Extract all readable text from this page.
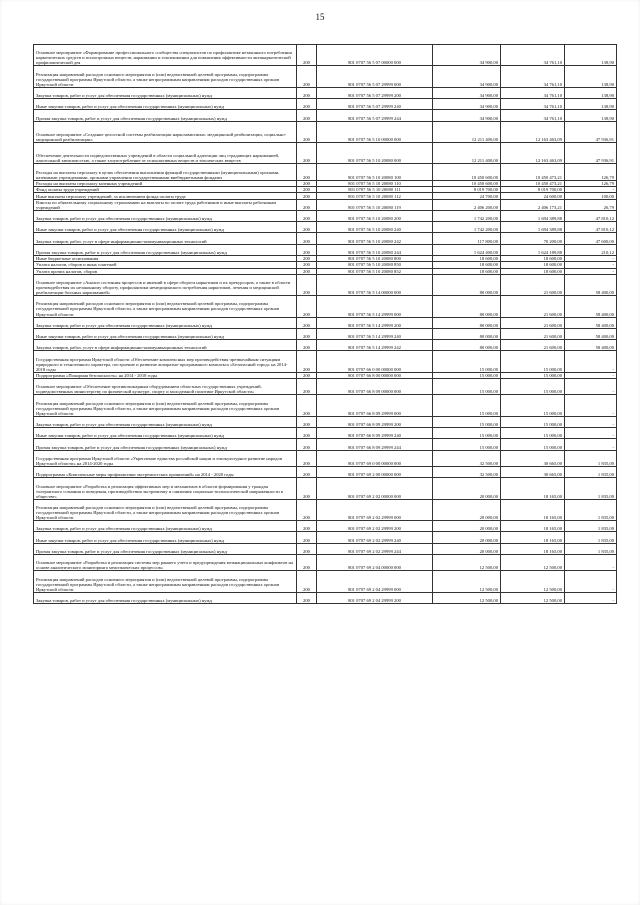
15
Основное мероприятие «Формирование профессионального сообщества специалистов по профилактике незаконного потребления наркотических средств и психотропных веществ, наркомании и токсикомании для повышения эффективности антинаркотической профилактической дея	200	801 0707 56 5 07 00000 000	34 900,00	34 761,10	138,90
Реализация направлений расходов основного мероприятия и (или) ведомственной целевой программы, подпрограммы государственной программы Иркутской области, а также непрограммным направлениям расходов государственных органов Иркутской области	200	801 0707 56 5 07 29999 000	34 900,00	34 761,10	138,90
Закупка товаров, работ и услуг для обеспечения государственных (муниципальных) нужд	200	801 0707 56 5 07 29999 200	34 900,00	34 761,10	138,90
Иные закупки товаров, работ и услуг для обеспечения государственных (муниципальных) нужд	200	801 0707 56 5 07 29999 240	34 900,00	34 761,10	138,90
Прочая закупка товаров, работ и услуг для обеспечения государственных (муниципальных) нужд	200	801 0707 56 5 07 29999 244	34 900,00	34 761,10	138,90
Основное мероприятие «Создание целостной системы реабилитации наркозависимых: медицинской реабилитации, социально-медицинской реабилитации»	200	801 0707 56 5 10 00000 000	12 211 400,00	12 163 463,09	47 936,91
Обеспечение деятельности подведомственных учреждений в области социальной адаптации лиц страдающих наркоманией, алкогольной зависимостью, а также злоупотребление от психоактивных веществ и токсических веществ	200	801 0707 56 5 10 20080 000	12 211 400,00	12 163 463,09	47 936,91
Расходы на выплаты персоналу в целях обеспечения выполнения функций государственными (муниципальными) органами, казенными учреждениями, органами управления государственными внебюджетными фондами	200	801 0707 56 5 10 20080 100	10 450 600,00	10 450 473,21	126,79
Расходы на выплаты персоналу казенных учреждений	200	801 0707 56 5 10 20080 110	10 450 600,00	10 450 473,21	126,79
Фонд оплаты труда учреждений	200	801 0707 56 5 10 20080 111	8 019 700,00	8 019 700,00	-
Иные выплаты персоналу учреждений, за исключением фонда оплаты труда	200	801 0707 56 5 10 20080 112	24 700,00	24 600,00	100,00
Взносы по обязательному социальному страхованию на выплаты по оплате труда работников и иные выплаты работникам учреждений	200	801 0707 56 5 10 20080 119	2 406 200,00	2 406 173,21	26,79
Закупка товаров, работ и услуг для обеспечения государственных (муниципальных) нужд	200	801 0707 56 5 10 20080 200	1 742 200,00	1 694 389,88	47 810,12
Иные закупки товаров, работ и услуг для обеспечения государственных (муниципальных) нужд	200	801 0707 56 5 10 20080 240	1 742 200,00	1 694 389,88	47 810,12
Закупка товаров, работ, услуг в сфере информационно-коммуникационных технологий	200	801 0707 56 5 10 20080 242	117 800,00	70 200,00	47 600,00
Прочая закупка товаров, работ и услуг для обеспечения государственных (муниципальных) нужд	200	801 0707 56 5 10 20080 244	1 624 400,00	1 624 189,88	210,12
Иные бюджетные ассигнования	200	801 0707 56 5 10 20080 800	18 600,00	18 600,00	-
Уплата налогов, сборов и иных платежей	200	801 0707 56 5 10 20080 850	18 600,00	18 600,00	-
Уплата прочих налогов, сборов	200	801 0707 56 5 10 20080 852	18 600,00	18 600,00	-
Основное мероприятие «Анализ состояния процессов и явлений в сфере оборота наркотиков и их прекурсоров, а также в области противодействия их незаконному обороту, профилактики немедицинского потребления наркотиков, лечения и медицинской реабилитации больных наркоманией»	200	801 0707 56 5 14 00000 000	80 000,00	21 600,00	58 400,00
Реализация направлений расходов основного мероприятия и (или) ведомственной целевой программы, подпрограммы государственной программы Иркутской области, а также непрограммным направлениям расходов государственных органов Иркутской области	200	801 0707 56 5 14 29999 000	80 000,00	21 600,00	58 400,00
Закупка товаров, работ и услуг для обеспечения государственных (муниципальных) нужд	200	801 0707 56 5 14 29999 200	80 000,00	21 600,00	58 400,00
Иные закупки товаров, работ и услуг для обеспечения государственных (муниципальных) нужд	200	801 0707 56 5 14 29999 240	80 000,00	21 600,00	58 400,00
Закупка товаров, работ, услуг в сфере информационно-коммуникационных технологий	200	801 0707 56 5 14 29999 242	80 000,00	21 600,00	58 400,00
Государственная программа Иркутской области «Обеспечение комплексных мер противодействия чрезвычайным ситуациям природного и техногенного характера, построение и развитие аппаратно-программного комплекса «Безопасный город» на 2014-2018 годы	200	801 0707 66 0 00 00000 000	15 000,00	15 000,00	-
Подпрограмма «Пожарная безопасность» на 2014 - 2018 годы	200	801 0707 66 8 00 00000 000	15 000,00	15 000,00	-
Основное мероприятие «Обеспечение противопожарным оборудованием областных государственных учреждений, подведомственных министерству по физической культуре, спорту и молодежной политике Иркутской области»	200	801 0707 66 8 09 00000 000	15 000,00	15 000,00	-
Реализация направлений расходов основного мероприятия и (или) ведомственной целевой программы, подпрограммы государственной программы Иркутской области, а также непрограммным направлениям расходов государственных органов Иркутской области	200	801 0707 66 8 09 29999 000	15 000,00	15 000,00	-
Закупка товаров, работ и услуг для обеспечения государственных (муниципальных) нужд	200	801 0707 66 8 09 29999 200	15 000,00	15 000,00	-
Иные закупки товаров, работ и услуг для обеспечения государственных (муниципальных) нужд	200	801 0707 66 8 09 29999 240	15 000,00	15 000,00	-
Прочая закупка товаров, работ и услуг для обеспечения государственных (муниципальных) нужд	200	801 0707 66 8 09 29999 244	15 000,00	15 000,00	-
Государственная программа Иркутской области «Укрепление единства российской нации и этнокультурное развитие народов Иркутской области» на 2014-2020 годы	200	801 0707 69 0 00 00000 000	32 500,00	30 665,00	1 835,00
Подпрограмма «Комплексные меры профилактики экстремистских проявлений» на 2014 - 2020 годы	200	801 0707 69 2 00 00000 000	32 500,00	30 665,00	1 835,00
Основное мероприятие «Разработка и реализация эффективных мер и механизмов в области формирования у граждан толерантного сознания и поведения, противодействия экстремизму и снижения социально-психологической напряженности в обществе»	200	801 0707 69 2 02 00000 000	20 000,00	18 165,00	1 835,00
Реализация направлений расходов основного мероприятия и (или) ведомственной целевой программы, подпрограммы государственной программы Иркутской области, а также непрограммным направлениям расходов государственных органов Иркутской области	200	801 0707 69 2 02 29999 000	20 000,00	18 165,00	1 835,00
Закупка товаров, работ и услуг для обеспечения государственных (муниципальных) нужд	200	801 0707 69 2 02 29999 200	20 000,00	18 165,00	1 835,00
Иные закупки товаров, работ и услуг для обеспечения государственных (муниципальных) нужд	200	801 0707 69 2 02 29999 240	20 000,00	18 165,00	1 835,00
Прочая закупка товаров, работ и услуг для обеспечения государственных (муниципальных) нужд	200	801 0707 69 2 02 29999 244	20 000,00	18 165,00	1 835,00
Основное мероприятие «Разработка и реализация системы мер раннего учета и предупреждения межнациональных конфликтов на основе аналитического мониторинга межэтнических процессов»	200	801 0707 69 2 04 00000 000	12 500,00	12 500,00	-
Реализация направлений расходов основного мероприятия и (или) ведомственной целевой программы, подпрограммы государственной программы Иркутской области, а также непрограммным направлениям расходов государственных органов Иркутской области	200	801 0707 69 2 04 29999 000	12 500,00	12 500,00	-
Закупка товаров, работ и услуг для обеспечения государственных (муниципальных) нужд	200	801 0707 69 2 04 29999 200	12 500,00	12 500,00	-
